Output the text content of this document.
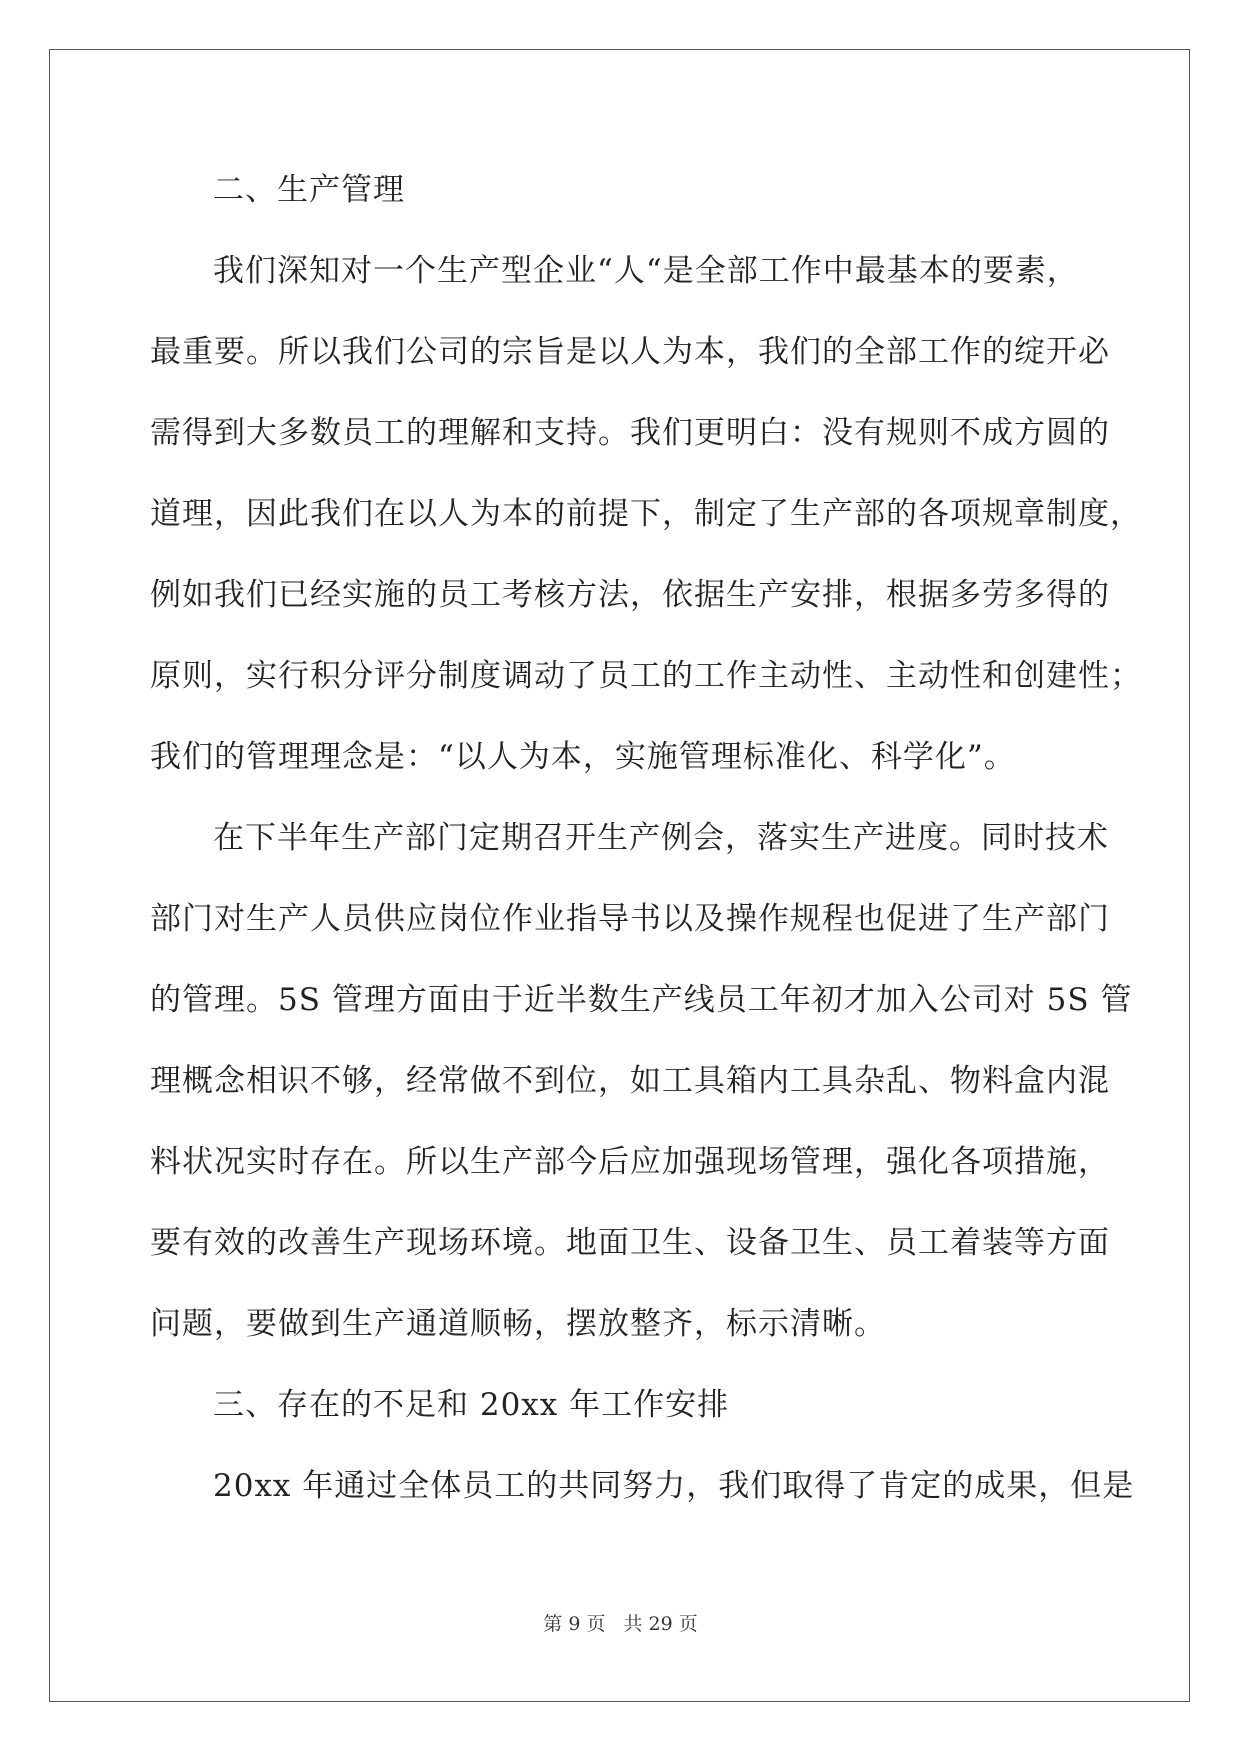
二、生产管理
我们深知对一个生产型企业“人“是全部工作中最基本的要素，
最重要。所以我们公司的宗旨是以人为本，我们的全部工作的绽开必
需得到大多数员工的理解和支持。我们更明白：没有规则不成方圆的
道理，因此我们在以人为本的前提下，制定了生产部的各项规章制度，
例如我们已经实施的员工考核方法，依据生产安排，根据多劳多得的
原则，实行积分评分制度调动了员工的工作主动性、主动性和创建性；
我们的管理理念是：“以人为本，实施管理标准化、科学化”。
在下半年生产部门定期召开生产例会，落实生产进度。同时技术
部门对生产人员供应岗位作业指导书以及操作规程也促进了生产部门
的管理。5S 管理方面由于近半数生产线员工年初才加入公司对 5S 管
理概念相识不够，经常做不到位，如工具箱内工具杂乱、物料盒内混
料状况实时存在。所以生产部今后应加强现场管理，强化各项措施，
要有效的改善生产现场环境。地面卫生、设备卫生、员工着装等方面
问题，要做到生产通道顺畅，摆放整齐，标示清晰。
三、存在的不足和 20xx 年工作安排
20xx 年通过全体员工的共同努力，我们取得了肯定的成果，但是
第 9 页 共 29 页
